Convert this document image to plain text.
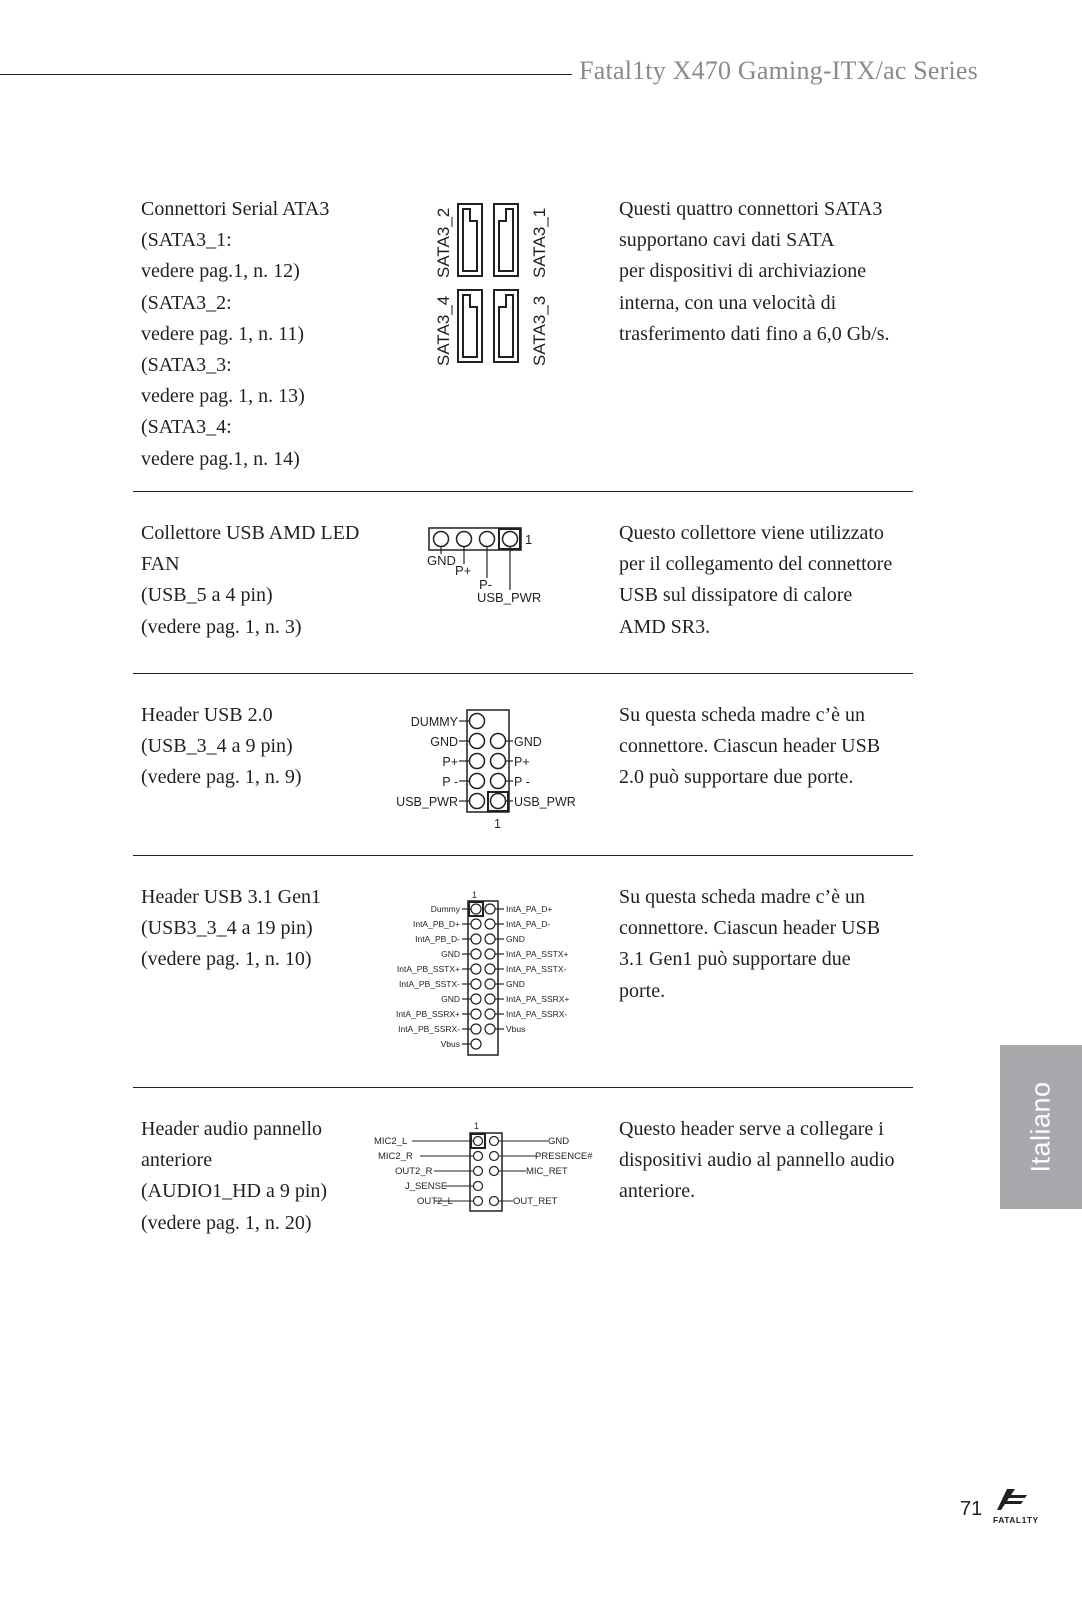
Fatal1ty X470 Gaming-ITX/ac Series
Connettori Serial ATA3
(SATA3_1:
vedere pag.1, n. 12)
(SATA3_2:
vedere pag. 1, n. 11)
(SATA3_3:
vedere pag. 1, n. 13)
(SATA3_4:
vedere pag.1, n. 14)
Questi quattro connettori SATA3
supportano cavi dati SATA
per dispositivi di archiviazione
interna, con una velocità di
trasferimento dati fino a 6,0 Gb/s.
SATA3_2	SATA3_1
SATA3_4	SATA3_3
Collettore USB AMD LED
FAN
(USB_5 a 4 pin)
(vedere pag. 1, n. 3)
Questo collettore viene utilizzato
per il collegamento del connettore
USB sul dissipatore di calore
AMD SR3.
1
GND
P+
P-
USB_PWR
Header USB 2.0
(USB_3_4 a 9 pin)
(vedere pag. 1, n. 9)
Su questa scheda madre c’è un
connettore. Ciascun header USB
2.0 può supportare due porte.
DUMMY
GND
P+
P -
USB_PWR
GND
P+
P -
USB_PWR
1
Header USB 3.1 Gen1
(USB3_3_4 a 19 pin)
(vedere pag. 1, n. 10)
Su questa scheda madre c’è un
connettore. Ciascun header USB
3.1 Gen1 può supportare due
porte.
1
Dummy
IntA_PB_D+
IntA_PB_D-
GND
IntA_PB_SSTX+
IntA_PB_SSTX-
GND
IntA_PB_SSRX+
IntA_PB_SSRX-
Vbus
IntA_PA_D+
IntA_PA_D-
GND
IntA_PA_SSTX+
IntA_PA_SSTX-
GND
IntA_PA_SSRX+
IntA_PA_SSRX-
Vbus
Header audio pannello
anteriore
(AUDIO1_HD a 9 pin)
(vedere pag. 1, n. 20)
Questo header serve a collegare i
dispositivi audio al pannello audio
anteriore.
1
MIC2_L
MIC2_R
OUT2_R
J_SENSE
OUT2_L
GND
PRESENCE#
MIC_RET
OUT_RET
Italiano
71 FATAL1TY
